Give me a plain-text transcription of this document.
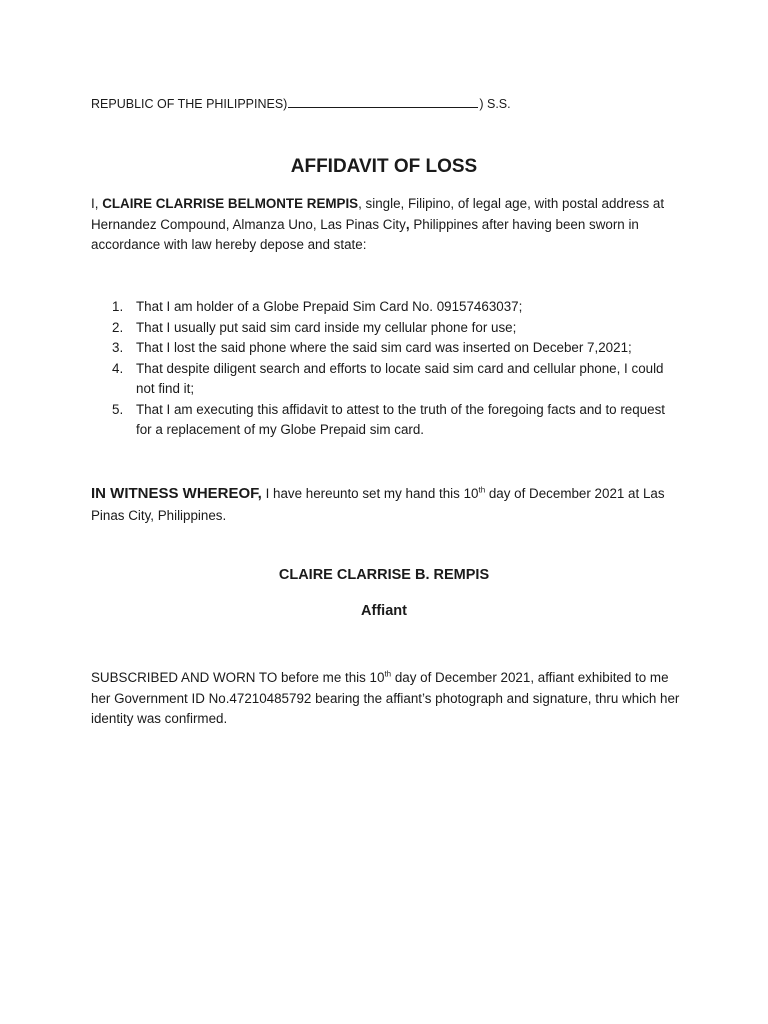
REPUBLIC OF THE PHILIPPINES)	) S.S.
AFFIDAVIT OF LOSS
I, CLAIRE CLARRISE BELMONTE REMPIS, single, Filipino, of legal age, with postal address at Hernandez Compound, Almanza Uno, Las Pinas City, Philippines after having been sworn in accordance with law hereby depose and state:
1. That I am holder of a Globe Prepaid Sim Card No. 09157463037;
2. That I usually put said sim card inside my cellular phone for use;
3. That I lost the said phone where the said sim card was inserted on Deceber 7,2021;
4. That despite diligent search and efforts to locate said sim card and cellular phone, I could not find it;
5. That I am executing this affidavit to attest to the truth of the foregoing facts and to request for a replacement of my Globe Prepaid sim card.
IN WITNESS WHEREOF, I have hereunto set my hand this 10th day of December 2021 at Las Pinas City, Philippines.
CLAIRE CLARRISE B. REMPIS
Affiant
SUBSCRIBED AND WORN TO before me this 10th day of December 2021, affiant exhibited to me her Government ID No.47210485792 bearing the affiant’s photograph and signature, thru which her identity was confirmed.
